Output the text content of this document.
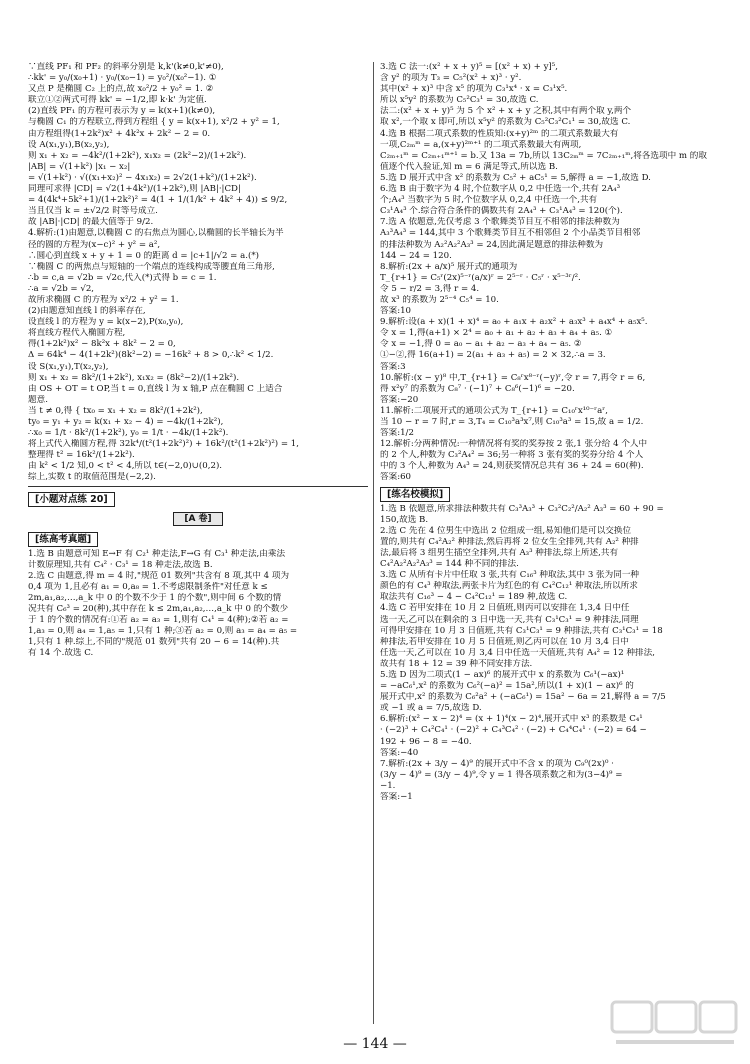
∵直线 PF₁ 和 PF₂ 的斜率分别是 k,k'(k≠0,k'≠0),
∴kk' = y₀/(x₀+1) · y₀/(x₀−1) = y₀²/(x₀²−1). ①
又点 P 是椭圆 C₂ 上的点,故 x₀²/2 + y₀² = 1. ②
联立①②两式可得 kk' = −1/2,即 k·k' 为定值.
(2)直线 PF₁ 的方程可表示为 y = k(x+1)(k≠0),
与椭圆 C₁ 的方程联立,得到方程组 { y = k(x+1), x²/2 + y² = 1,
由方程组得(1+2k²)x² + 4k²x + 2k² − 2 = 0.
设 A(x₁,y₁),B(x₂,y₂),
则 x₁ + x₂ = −4k²/(1+2k²), x₁x₂ = (2k²−2)/(1+2k²).
|AB| = √(1+k²) |x₁ − x₂|
= √(1+k²) · √((x₁+x₂)² − 4x₁x₂) = 2√2(1+k²)/(1+2k²).
同理可求得 |CD| = √2(1+4k²)/(1+2k²),则 |AB|·|CD|
= 4(4k⁴+5k²+1)/(1+2k²)² = 4(1 + 1/(1/k² + 4k² + 4)) ≤ 9/2,
当且仅当 k = ±√2/2 时等号成立.
故 |AB|·|CD| 的最大值等于 9/2.
4.解析:(1)由题意,以椭圆 C 的右焦点为圆心,以椭圆的长半轴长为半
径的圆的方程为(x−c)² + y² = a²,
∴圆心到直线 x + y + 1 = 0 的距离 d = |c+1|/√2 = a.(*)
∵椭圆 C 的两焦点与短轴的一个端点的连线构成等腰直角三角形,
∴b = c,a = √2b = √2c,代入(*)式得 b = c = 1.
∴a = √2b = √2,
故所求椭圆 C 的方程为 x²/2 + y² = 1.
(2)由题意知直线 l 的斜率存在,
设直线 l 的方程为 y = k(x−2),P(x₀,y₀),
将直线方程代入椭圆方程,
得(1+2k²)x² − 8k²x + 8k² − 2 = 0,
Δ = 64k⁴ − 4(1+2k²)(8k²−2) = −16k² + 8 > 0,∴k² < 1/2.
设 S(x₁,y₁),T(x₂,y₂),
则 x₁ + x₂ = 8k²/(1+2k²), x₁x₂ = (8k²−2)/(1+2k²).
由 OS + OT = t OP,当 t = 0,直线 l 为 x 轴,P 点在椭圆 C 上适合
题意.
当 t ≠ 0,得 { tx₀ = x₁ + x₂ = 8k²/(1+2k²),
ty₀ = y₁ + y₂ = k(x₁ + x₂ − 4) = −4k/(1+2k²),
∴x₀ = 1/t · 8k²/(1+2k²), y₀ = 1/t · −4k/(1+2k²).
将上式代入椭圆方程,得 32k⁴/(t²(1+2k²)²) + 16k²/(t²(1+2k²)²) = 1,
整理得 t² = 16k²/(1+2k²).
由 k² < 1/2 知,0 < t² < 4,所以 t∈(−2,0)∪(0,2).
综上,实数 t 的取值范围是(−2,2).
[小题对点练 20]
[A 卷]
[练高考真题]
1.选 B 由题意可知 E→F 有 C₂¹ 种走法,F→G 有 C₃¹ 种走法,由乘法
计数原理知,共有 C₄² · C₃¹ = 18 种走法,故选 B.
2.选 C 由题意,得 m = 4 时,"规范 01 数列"共含有 8 项,其中 4 项为
0,4 项为 1,且必有 a₁ = 0,a₈ = 1.不考虑限制条件"对任意 k ≤
2m,a₁,a₂,…,a_k 中 0 的个数不少于 1 的个数",则中间 6 个数的情
况共有 C₆³ = 20(种),其中存在 k ≤ 2m,a₁,a₂,…,a_k 中 0 的个数少
于 1 的个数的情况有:①若 a₂ = a₃ = 1,则有 C₄¹ = 4(种);②若 a₂ =
1,a₃ = 0,则 a₄ = 1,a₅ = 1,只有 1 种;③若 a₂ = 0,则 a₃ = a₄ = a₅ =
1,只有 1 种.综上,不同的"规范 01 数列"共有 20 − 6 = 14(种).共
有 14 个.故选 C.
3.选 C 法一:(x² + x + y)⁵ = [(x² + x) + y]⁵,
含 y² 的项为 T₃ = C₅²(x² + x)³ · y².
其中(x² + x)³ 中含 x⁵ 的项为 C₃¹x⁴ · x = C₃¹x⁵.
所以 x⁵y² 的系数为 C₅²C₃¹ = 30,故选 C.
法二:(x² + x + y)⁵ 为 5 个 x² + x + y 之积,其中有两个取 y,两个
取 x²,一个取 x 即可,所以 x⁵y² 的系数为 C₅²C₃²C₁¹ = 30,故选 C.
4.选 B 根据二项式系数的性质知:(x+y)²ᵐ 的二项式系数最大有
一项,C₂ₘᵐ = a,(x+y)²ᵐ⁺¹ 的二项式系数最大有两项,
C₂ₘ₊₁ᵐ = C₂ₘ₊₁ᵐ⁺¹ = b.又 13a = 7b,所以 13C₂ₘᵐ = 7C₂ₘ₊₁ᵐ,将各选项中 m 的取
值逐个代入验证,知 m = 6 满足等式,所以选 B.
5.选 D 展开式中含 x² 的系数为 C₅² + aC₅¹ = 5,解得 a = −1,故选 D.
6.选 B 由于数字为 4 时,个位数字从 0,2 中任选一个,共有 2A₄³
个;A₄³ 当数字为 5 时,个位数字从 0,2,4 中任选一个,共有
C₃¹A₄³ 个.综合符合条件的偶数共有 2A₄³ + C₃¹A₄³ = 120(个).
7.选 A 依题意,先仅考虑 3 个歌舞类节目互不相邻的排法种数为
A₃³A₄³ = 144,其中 3 个歌舞类节目互不相邻但 2 个小品类节目相邻
的排法种数为 A₂²A₂²A₃³ = 24,因此满足题意的排法种数为
144 − 24 = 120.
8.解析:(2x + a/x)⁵ 展开式的通项为
T_{r+1} = C₅ʳ(2x)⁵⁻ʳ(a/x)ʳ = 2⁵⁻ʳ · C₅ʳ · x⁵⁻³ʳ/².
令 5 − r/2 = 3,得 r = 4.
故 x³ 的系数为 2⁵⁻⁴ C₅⁴ = 10.
答案:10
9.解析:设(a + x)(1 + x)⁴ = a₀ + a₁x + a₂x² + a₃x³ + a₄x⁴ + a₅x⁵.
令 x = 1,得(a+1) × 2⁴ = a₀ + a₁ + a₂ + a₃ + a₄ + a₅. ①
令 x = −1,得 0 = a₀ − a₁ + a₂ − a₃ + a₄ − a₅. ②
①−②,得 16(a+1) = 2(a₁ + a₃ + a₅) = 2 × 32,∴a = 3.
答案:3
10.解析:(x − y)⁸ 中,T_{r+1} = C₈ʳx⁸⁻ʳ(−y)ʳ,令 r = 7,再令 r = 6,
得 x²y⁷ 的系数为 C₈⁷ · (−1)⁷ + C₈⁶(−1)⁶ = −20.
答案:−20
11.解析:二项展开式的通项公式为 T_{r+1} = C₁₀ʳx¹⁰⁻ʳaʳ,
当 10 − r = 7 时,r = 3,T₄ = C₁₀³a³x⁷,则 C₁₀³a³ = 15,故 a = 1/2.
答案:1/2
12.解析:分两种情况:一种情况将有奖的奖券按 2 张,1 张分给 4 个人中
的 2 个人,种数为 C₃²A₄² = 36;另一种将 3 张有奖的奖券分给 4 个人
中的 3 个人,种数为 A₄³ = 24,则获奖情况总共有 36 + 24 = 60(种).
答案:60
[练名校模拟]
1.选 B 依题意,所求排法种数共有 C₃³A₃³ + C₃²C₂²/A₂² A₃³ = 60 + 90 =
150,故选 B.
2.选 C 先在 4 位男生中选出 2 位组成一组,易知他们是可以交换位
置的,则共有 C₄²A₂² 种排法,然后再将 2 位女生全排列,共有 A₂² 种排
法,最后将 3 组男生插空全排列,共有 A₃³ 种排法,综上所述,共有
C₄²A₂²A₂²A₃³ = 144 种不同的排法.
3.选 C 从所有卡片中任取 3 张,共有 C₁₆³ 种取法,其中 3 张为同一种
颜色的有 C₄³ 种取法,两张卡片为红色的有 C₄²C₁₂¹ 种取法,所以所求
取法共有 C₁₆³ − 4 − C₄²C₁₂¹ = 189 种,故选 C.
4.选 C 若甲安排在 10 月 2 日值班,则丙可以安排在 1,3,4 日中任
选一天,乙可以在剩余的 3 日中选一天,共有 C₃¹C₃¹ = 9 种排法,同理
可得甲安排在 10 月 3 日值班,共有 C₃¹C₃¹ = 9 种排法,共有 C₃¹C₃¹ = 18
种排法,若甲安排在 10 月 5 日值班,则乙丙可以在 10 月 3,4 日中
任选一天,乙可以在 10 月 3,4 日中任选一天值班,共有 A₄² = 12 种排法,
故共有 18 + 12 = 39 种不同安排方法.
5.选 D 因为二项式(1 − ax)⁶ 的展开式中 x 的系数为 C₆¹(−ax)¹
= −aC₆¹,x² 的系数为 C₆²(−a)² = 15a²,所以(1 + x)(1 − ax)⁶ 的
展开式中,x² 的系数为 C₆²a² + (−aC₆¹) = 15a² − 6a = 21,解得 a = 7/5
或 −1 或 a = 7/5,故选 D.
6.解析:(x² − x − 2)⁴ = (x + 1)⁴(x − 2)⁴,展开式中 x³ 的系数是 C₄¹
· (−2)³ + C₄²C₄¹ · (−2)² + C₄³C₄² · (−2) + C₄⁴C₄¹ · (−2) = 64 −
192 + 96 − 8 = −40.
答案:−40
7.解析:(2x + 3/y − 4)⁹ 的展开式中不含 x 的项为 C₉⁰(2x)⁰ ·
(3/y − 4)⁹ = (3/y − 4)⁹,令 y = 1 得各项系数之和为(3−4)⁹ =
−1.
答案:−1
— 144 —
